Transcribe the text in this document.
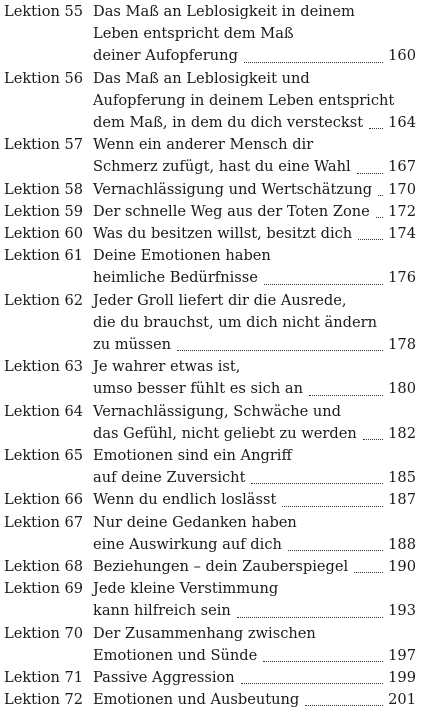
Lektion 55 Das Maß an Leblosigkeit in deinem
Leben entspricht dem Maß
deiner Aufopferung	160
Lektion 56 Das Maß an Leblosigkeit und
Aufopferung in deinem Leben entspricht
dem Maß, in dem du dich versteckst 164
Lektion 57 Wenn ein anderer Mensch dir
Schmerz zufügt, hast du eine Wahl	167
Lektion 58 Vernachlässigung und Wertschätzung 170
Lektion 59 Der schnelle Weg aus der Toten Zone 172
Lektion 60 Was du besitzen willst, besitzt dich 174
Lektion 61 Deine Emotionen haben
heimliche Bedürfnisse	176
Lektion 62 Jeder Groll liefert dir die Ausrede,
die du brauchst, um dich nicht ändern
zu müssen	178
Lektion 63 Je wahrer etwas ist,
umso besser fühlt es sich an	180
Lektion 64 Vernachlässigung, Schwäche und
das Gefühl, nicht geliebt zu werden 182
Lektion 65 Emotionen sind ein Angriff
auf deine Zuversicht	185
Lektion 66 Wenn du endlich loslässt	187
Lektion 67 Nur deine Gedanken haben
eine Auswirkung auf dich	188
Lektion 68 Beziehungen – dein Zauberspiegel	190
Lektion 69 Jede kleine Verstimmung
kann hilfreich sein	193
Lektion 70 Der Zusammenhang zwischen
Emotionen und Sünde	197
Lektion 71 Passive Aggression	199
Lektion 72 Emotionen und Ausbeutung	201
